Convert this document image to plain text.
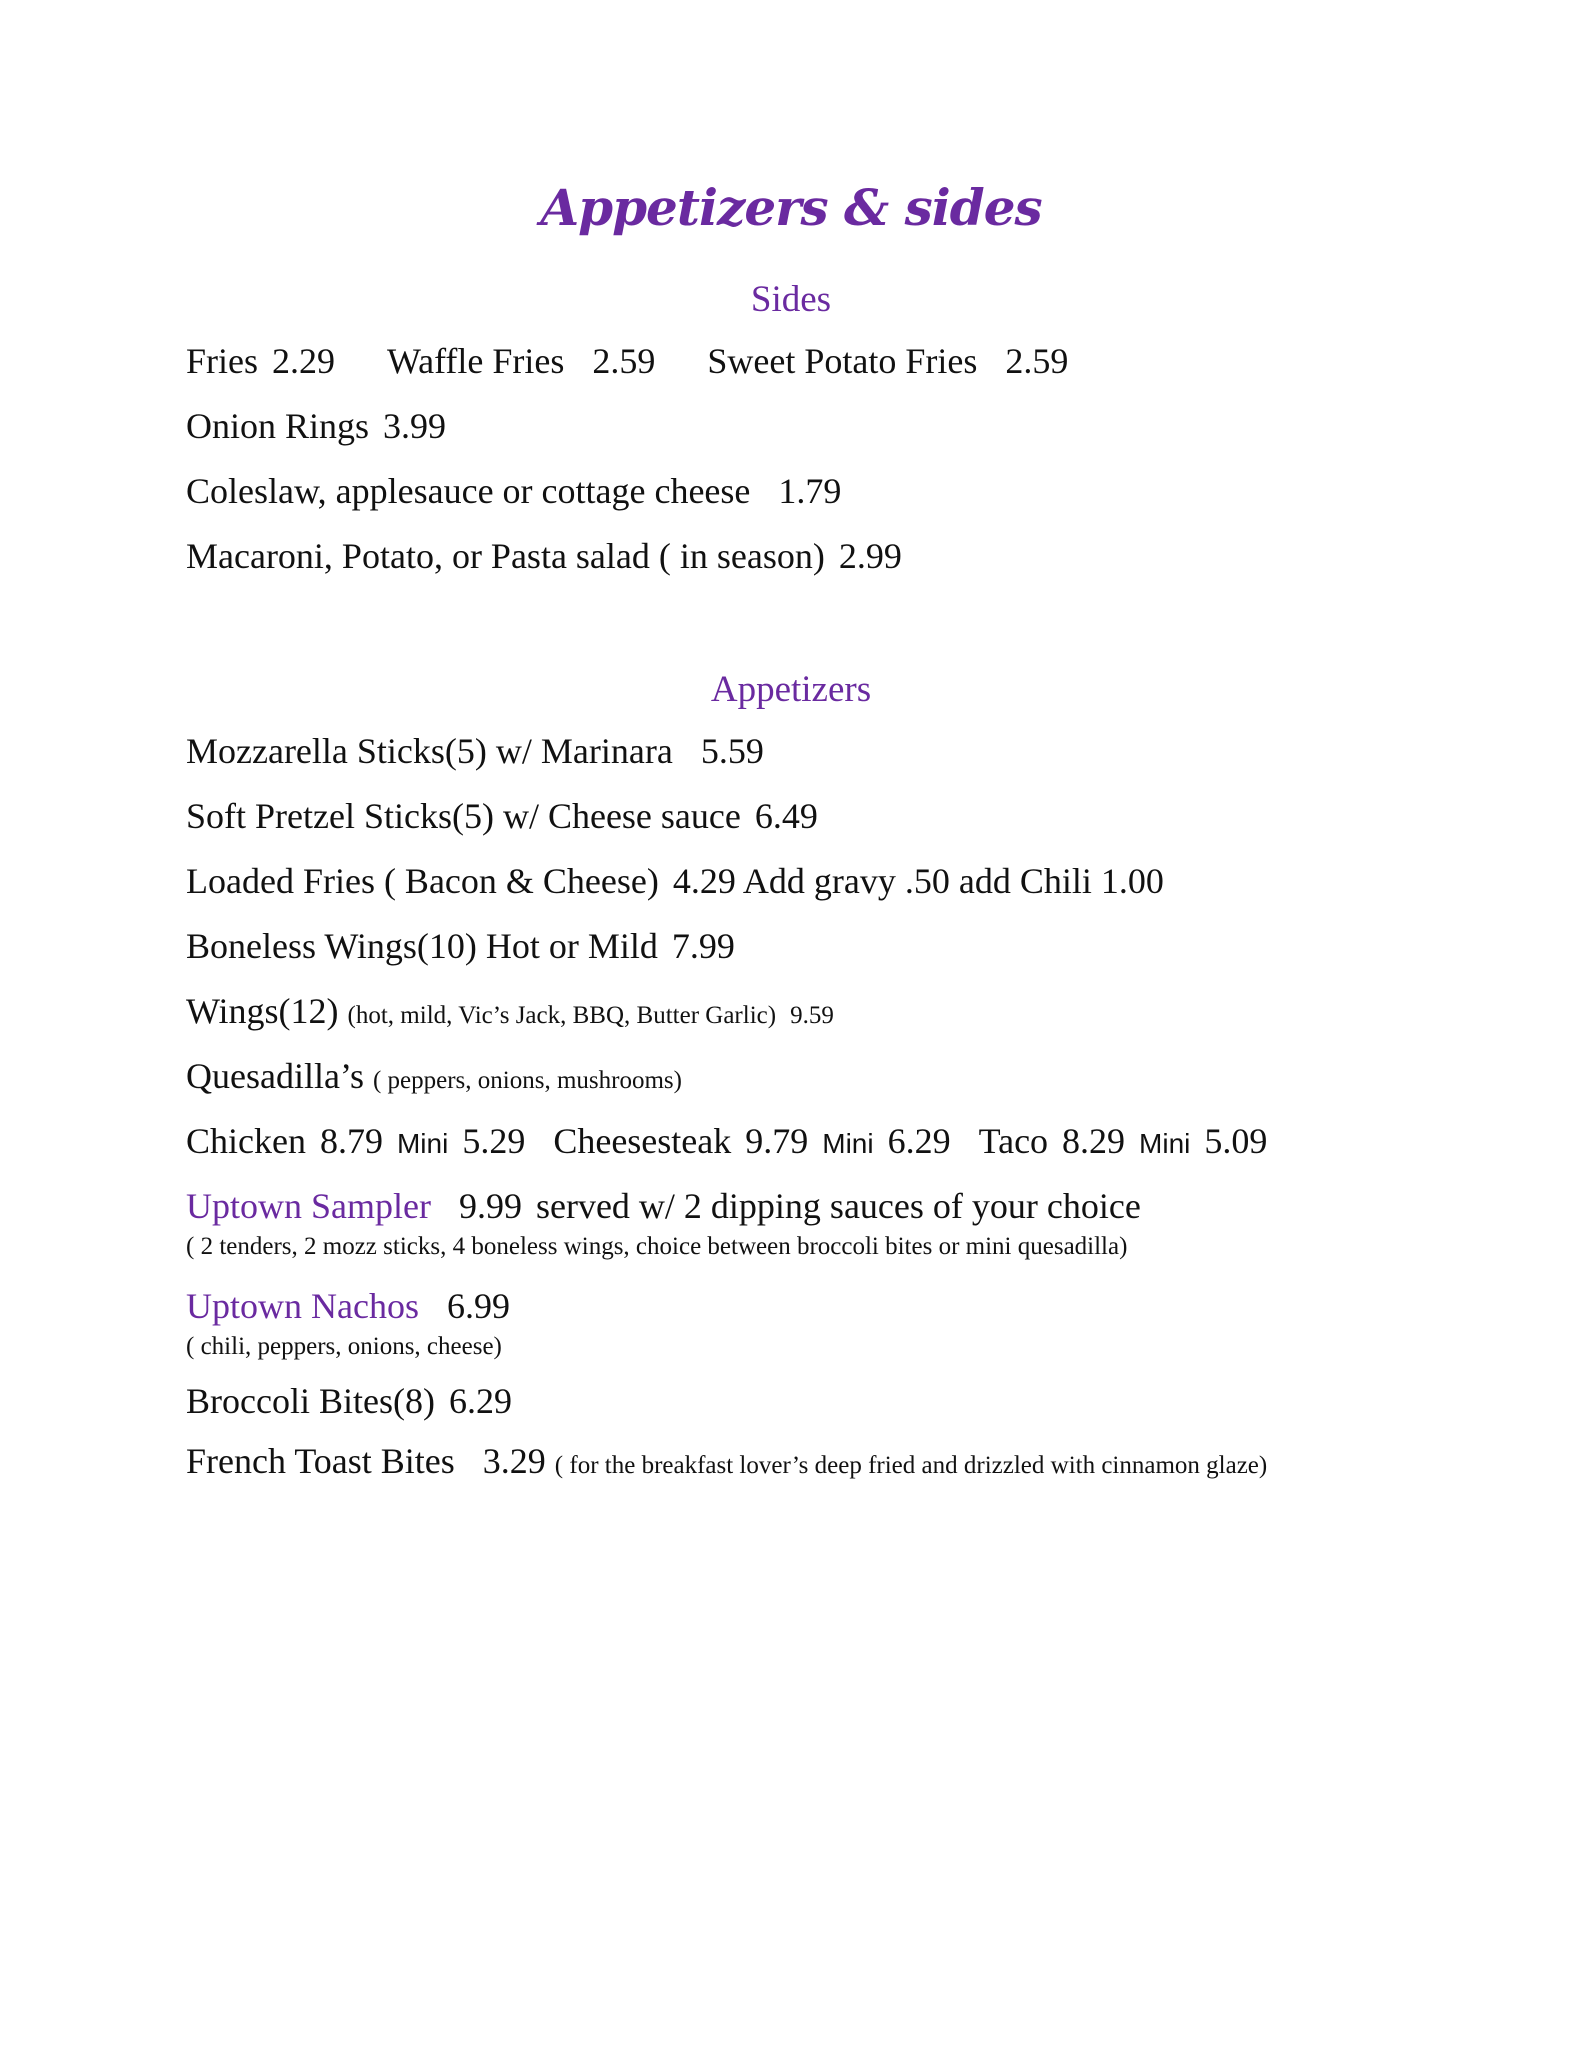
Appetizers & sides
Sides
Fries 2.29 Waffle Fries 2.59 Sweet Potato Fries 2.59
Onion Rings 3.99
Coleslaw, applesauce or cottage cheese 1.79
Macaroni, Potato, or Pasta salad ( in season) 2.99
Appetizers
Mozzarella Sticks(5) w/ Marinara 5.59
Soft Pretzel Sticks(5) w/ Cheese sauce 6.49
Loaded Fries ( Bacon & Cheese) 4.29 Add gravy .50 add Chili 1.00
Boneless Wings(10) Hot or Mild 7.99
Wings(12) (hot, mild, Vic’s Jack, BBQ, Butter Garlic) 9.59
Quesadilla’s ( peppers, onions, mushrooms)
Chicken 8.79 Mini 5.29 Cheesesteak 9.79 Mini 6.29 Taco 8.29 Mini 5.09
Uptown Sampler 9.99 served w/ 2 dipping sauces of your choice
( 2 tenders, 2 mozz sticks, 4 boneless wings, choice between broccoli bites or mini quesadilla)
Uptown Nachos 6.99
( chili, peppers, onions, cheese)
Broccoli Bites(8) 6.29
French Toast Bites 3.29 ( for the breakfast lover’s deep fried and drizzled with cinnamon glaze)
